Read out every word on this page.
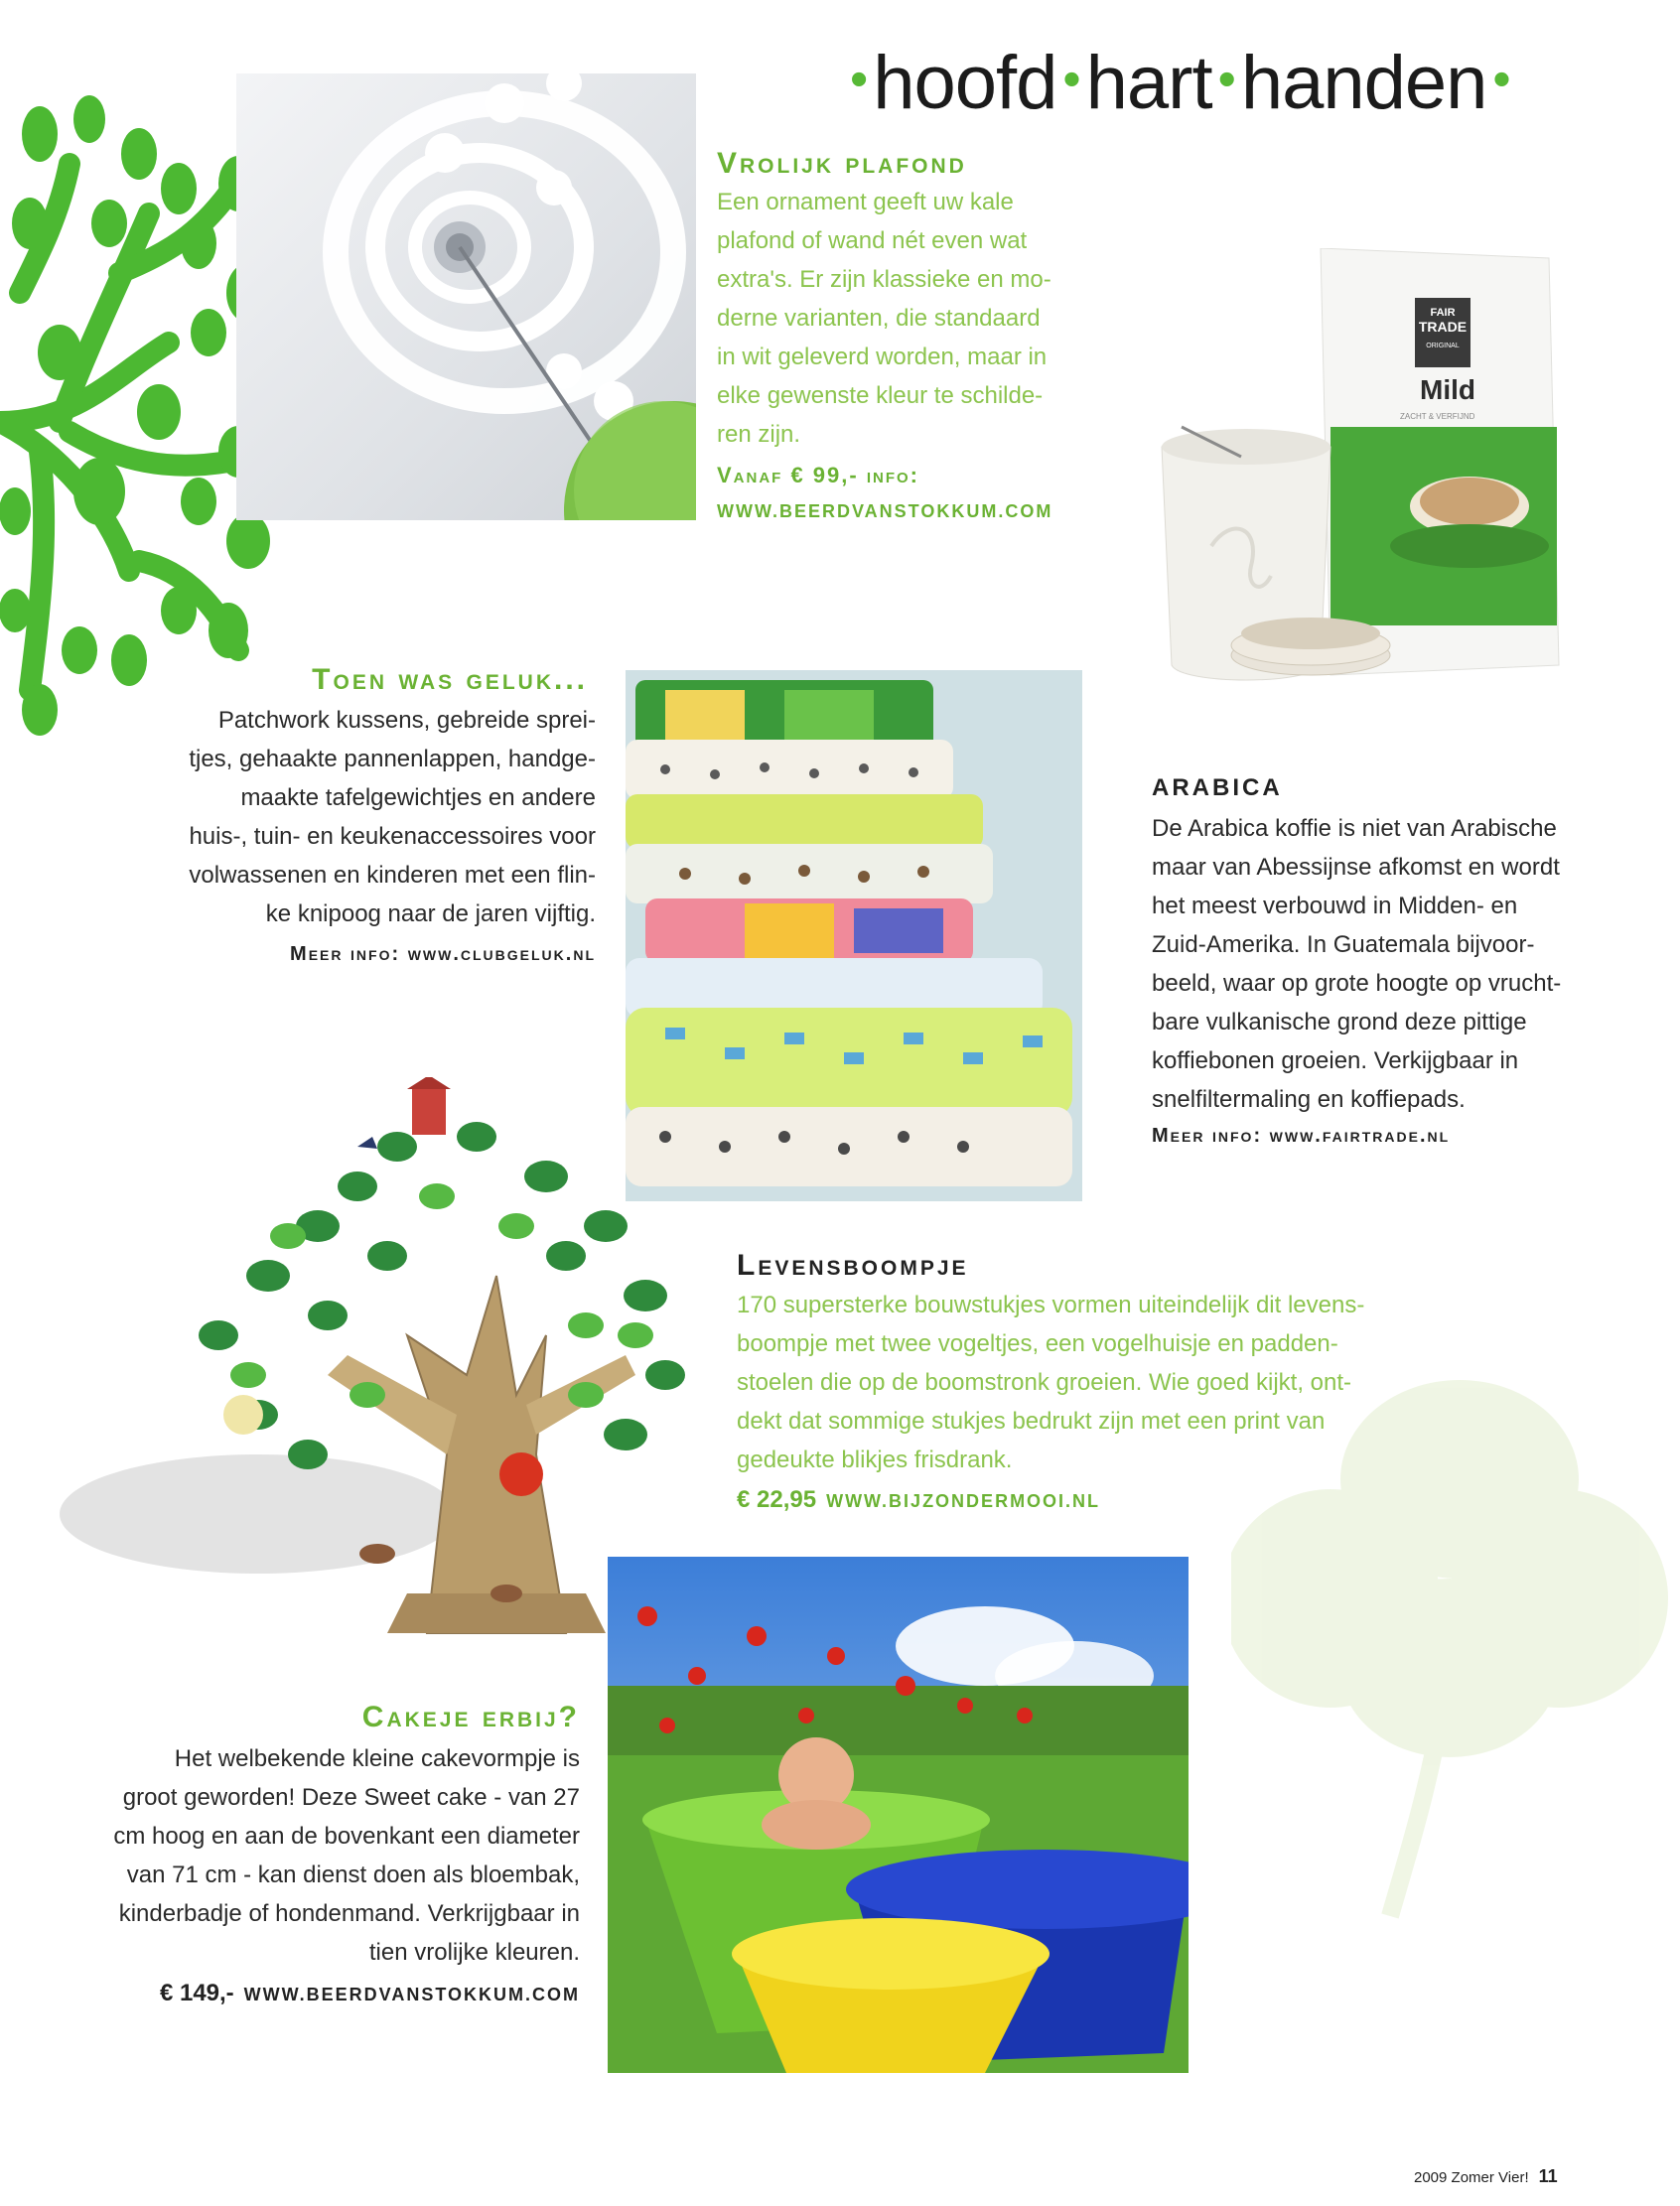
•hoofd •hart •handen •
Vrolijk plafond

Een ornament geeft uw kale

plafond of wand nét even wat

extra's. Er zijn klassieke en mo-

derne varianten, die standaard

in wit geleverd worden, maar in

elke gewenste kleur te schilde-

ren zijn.

Vanaf € 99,- info:
WWW.BEERDVANSTOKKUM.COM
FAIR
TRADE
ORIGINAL
Mild
ZACHT & VERFIJND
Toen was geluk...

Patchwork kussens, gebreide sprei-

tjes, gehaakte pannenlappen, handge-

maakte tafelgewichtjes en andere

huis-, tuin- en keukenaccessoires voor

volwassenen en kinderen met een flin-

ke knipoog naar de jaren vijftig.

Meer info: www.clubgeluk.nl
ARABICA

De Arabica koffie is niet van Arabische

maar van Abessijnse afkomst en wordt

het meest verbouwd in Midden- en

Zuid-Amerika. In Guatemala bijvoor-

beeld, waar op grote hoogte op vrucht-

bare vulkanische grond deze pittige

koffiebonen groeien. Verkijgbaar in

snelfiltermaling en koffiepads.

Meer info: www.fairtrade.nl
Levensboompje

170 supersterke bouwstukjes vormen uiteindelijk dit levens-

boompje met twee vogeltjes, een vogelhuisje en padden-

stoelen die op de boomstronk groeien. Wie goed kijkt, ont-

dekt dat sommige stukjes bedrukt zijn met een print van

gedeukte blikjes frisdrank.

€ 22,95 WWW.BIJZONDERMOOI.NL
Cakeje erbij?

Het welbekende kleine cakevormpje is

groot geworden! Deze Sweet cake - van 27

cm hoog en aan de bovenkant een diameter

van 71 cm - kan dienst doen als bloembak,

kinderbadje of hondenmand. Verkrijgbaar in

tien vrolijke kleuren.

€ 149,- WWW.BEERDVANSTOKKUM.COM
2009 Zomer Vier! 11
